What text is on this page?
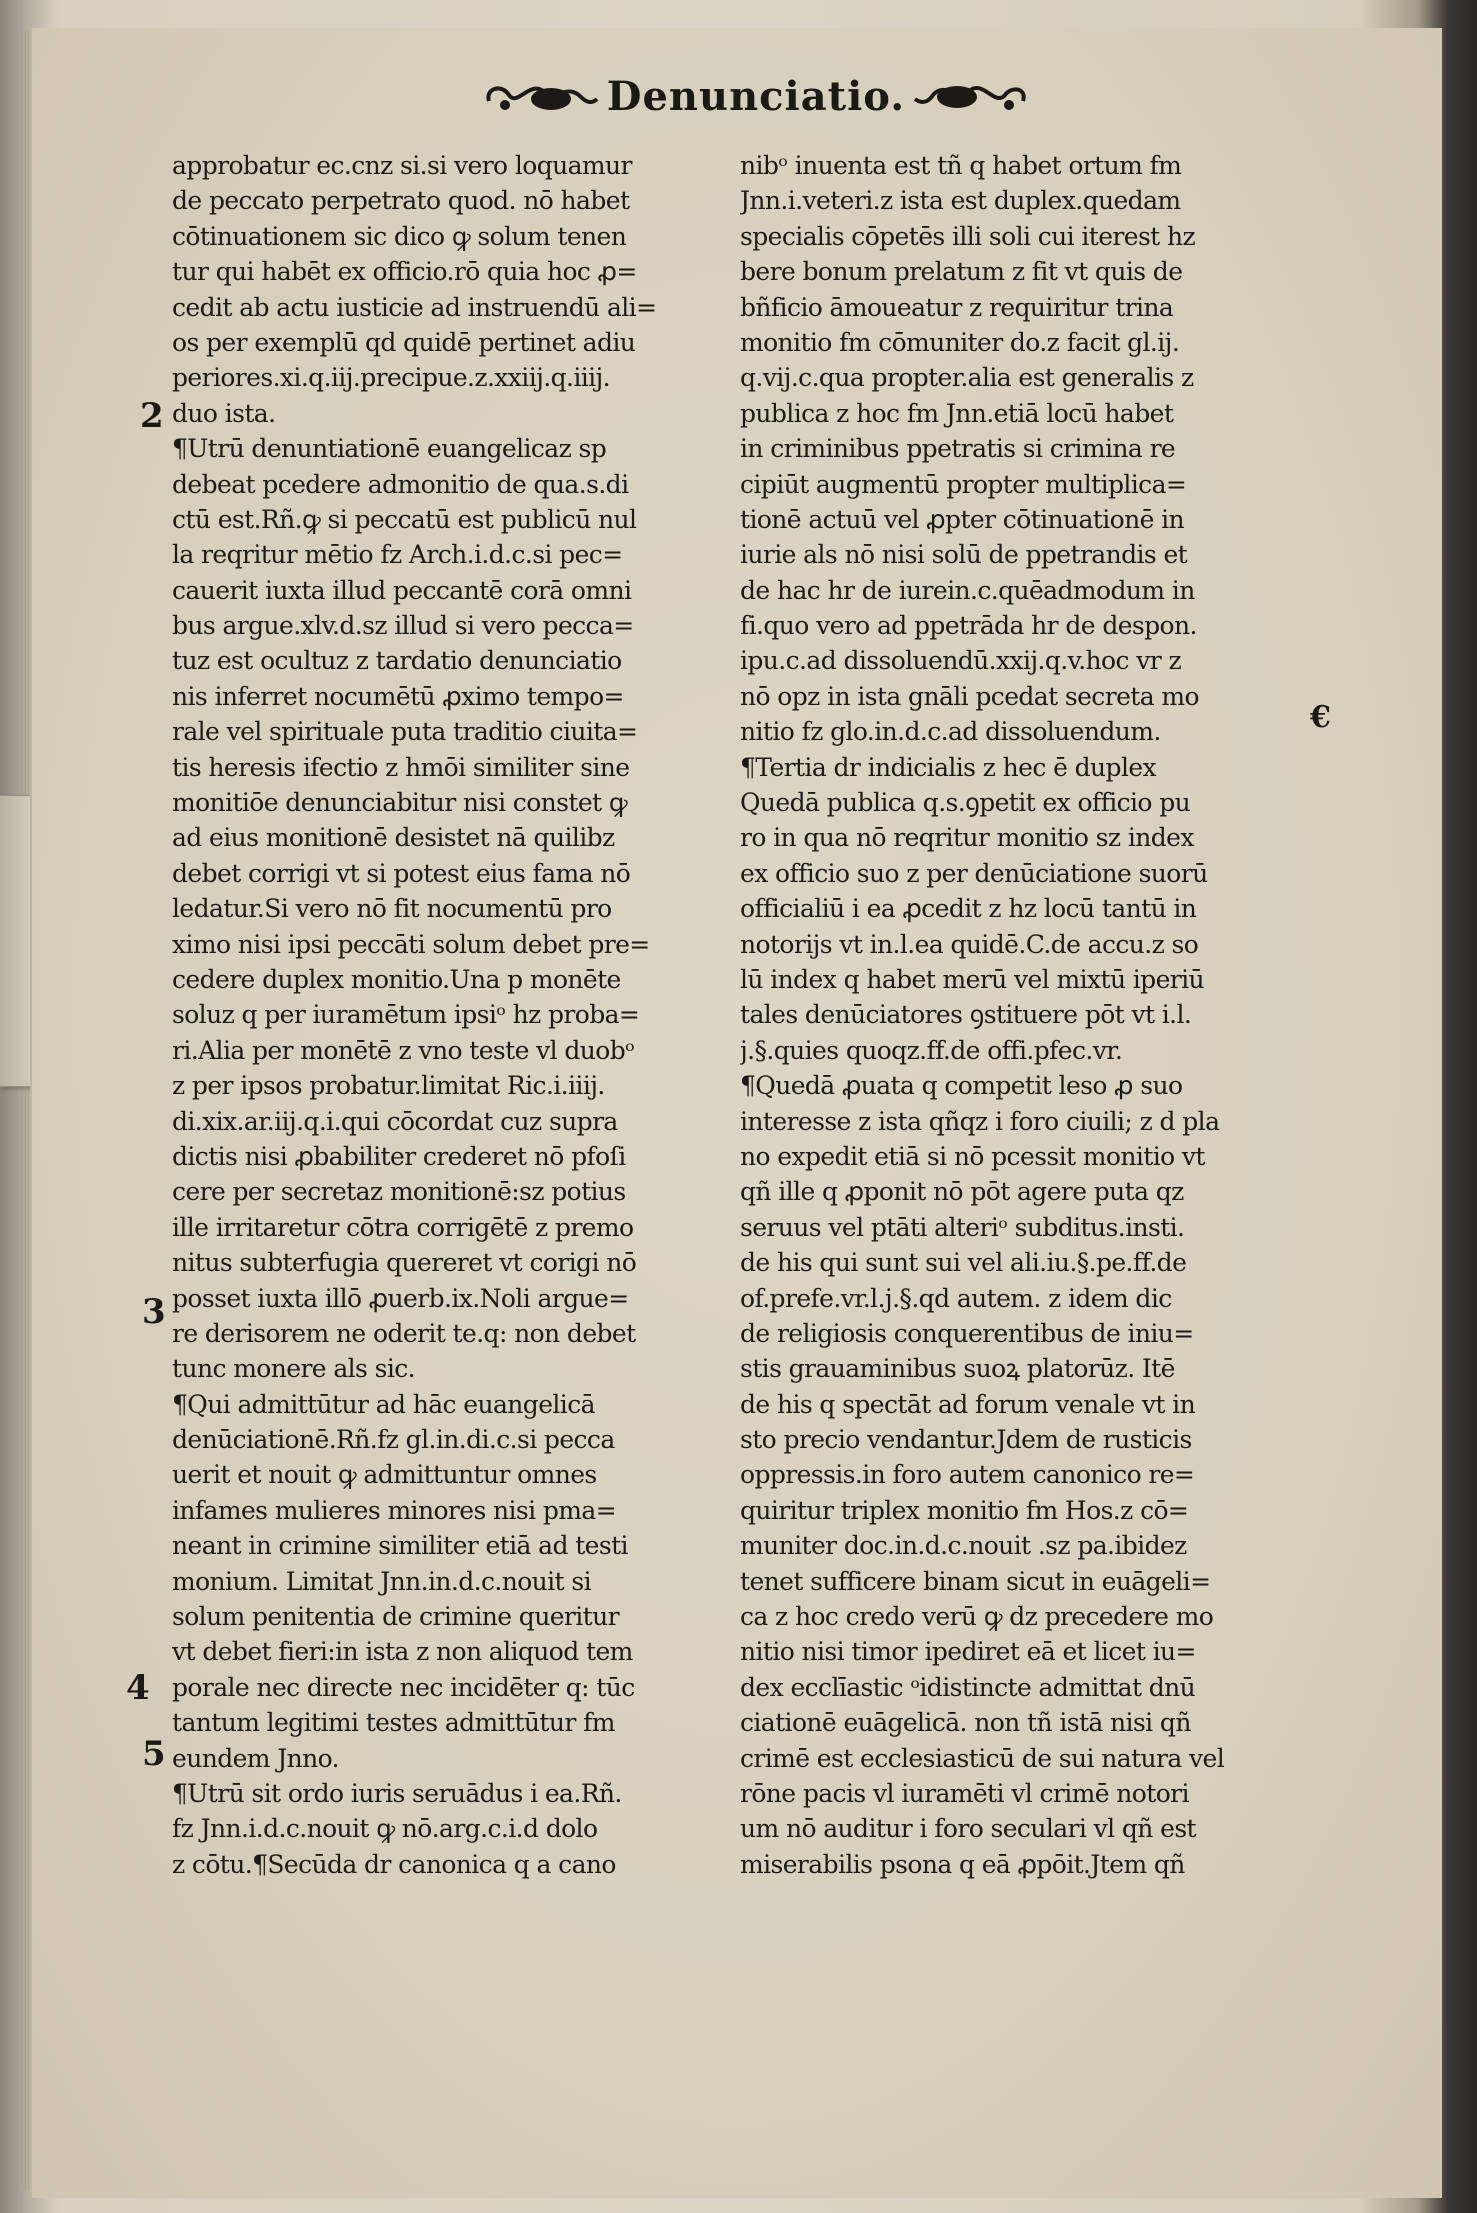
Denunciatio.
approbatur ec.cnz si.si vero loquamur
de peccato perpetrato quod. nō habet
cōtinuationem sic dico ꝙ solum tenen
tur qui habēt ex officio.rō quia hoc ꝓ=
cedit ab actu iusticie ad instruendū ali=
os per exemplū qd quidē pertinet adiu
periores.xi.q.iij.precipue.z.xxiij.q.iiij.
duo ista.
¶Utrū denuntiationē euangelicaz sp
debeat pcedere admonitio de qua.s.di
ctū est.Rñ.ꝙ si peccatū est publicū nul
la reqritur mētio fz Arch.i.d.c.si pec=
cauerit iuxta illud peccantē corā omni
bus argue.xlv.d.sz illud si vero pecca=
tuz est ocultuz z tardatio denunciatio
nis inferret nocumētū ꝓximo tempo=
rale vel spirituale puta traditio ciuita=
tis heresis ifectio z hmōi similiter sine
monitiōe denunciabitur nisi constet ꝙ
ad eius monitionē desistet nā quilibz
debet corrigi vt si potest eius fama nō
ledatur.Si vero nō fit nocumentū pro
ximo nisi ipsi peccāti solum debet pre=
cedere duplex monitio.Una p monēte
soluz q per iuramētum ipsiᵒ hz proba=
ri.Alia per monētē z vno teste vl duobᵒ
z per ipsos probatur.limitat Ric.i.iiij.
di.xix.ar.iij.q.i.qui cōcordat cuz supra
dictis nisi ꝓbabiliter crederet nō pfoſi
cere per secretaz monitionē:sz potius
ille irritaretur cōtra corrigētē z premo
nitus subterfugia quereret vt corigi nō
posset iuxta illō ꝓuerb.ix.Noli argue=
re derisorem ne oderit te.q: non debet
tunc monere als sic.
¶Qui admittūtur ad hāc euangelicā
denūciationē.Rñ.fz gl.in.di.c.si pecca
uerit et nouit ꝙ admittuntur omnes
infames mulieres minores nisi pma=
neant in crimine similiter etiā ad testi
monium. Limitat Jnn.in.d.c.nouit si
solum penitentia de crimine queritur
vt debet fieri:in ista z non aliquod tem
porale nec directe nec incidēter q: tūc
tantum legitimi testes admittūtur fm
eundem Jnno.
¶Utrū sit ordo iuris seruādus i ea.Rñ.
fz Jnn.i.d.c.nouit ꝙ nō.arg.c.i.d dolo
z cōtu.¶Secūda dr canonica q a cano
nibᵒ inuenta est tñ q habet ortum fm
Jnn.i.veteri.z ista est duplex.quedam
specialis cōpetēs illi soli cui iterest hz
bere bonum prelatum z fit vt quis de
bñficio āmoueatur z requiritur trina
monitio fm cōmuniter do.z facit gl.ij.
q.vij.c.qua propter.alia est generalis z
publica z hoc fm Jnn.etiā locū habet
in criminibus ppetratis si crimina re
cipiūt augmentū propter multiplica=
tionē actuū vel ꝓpter cōtinuationē in
iurie als nō nisi solū de ppetrandis et
de hac hr de iurein.c.quēadmodum in
fi.quo vero ad ppetrāda hr de despon.
ipu.c.ad dissoluendū.xxij.q.v.hoc vr z
nō opz in ista gnāli pcedat secreta mo
nitio fz glo.in.d.c.ad dissoluendum.
¶Tertia dr indicialis z hec ē duplex
Quedā publica q.s.ꝯpetit ex officio pu
ro in qua nō reqritur monitio sz index
ex officio suo z per denūciatione suorū
officialiū i ea ꝓcedit z hz locū tantū in
notorijs vt in.l.ea quidē.C.de accu.z so
lū index q habet merū vel mixtū iperiū
tales denūciatores ꝯstituere pōt vt i.l.
j.§.quies quoqz.ff.de offi.pfec.vr.
¶Quedā ꝓuata q competit leso ꝓ suo
interesse z ista qñqz i foro ciuili; z d pla
no expedit etiā si nō pcessit monitio vt
qñ ille q ꝓponit nō pōt agere puta qz
seruus vel ptāti alteriᵒ subditus.insti.
de his qui sunt sui vel ali.iu.§.pe.ff.de
of.prefe.vr.l.j.§.qd autem. z idem dic
de religiosis conquerentibus de iniu=
stis grauaminibus suoꝝ platorūz. Itē
de his q spectāt ad forum venale vt in
sto precio vendantur.Jdem de rusticis
oppressis.in foro autem canonico re=
quiritur triplex monitio fm Hos.z cō=
muniter doc.in.d.c.nouit .sz pa.ibidez
tenet sufficere binam sicut in euāgeli=
ca z hoc credo verū ꝙ dz precedere mo
nitio nisi timor ipediret eā et licet iu=
dex ecclīastic ᵒidistincte admittat dnū
ciationē euāgelicā. non tñ istā nisi qñ
crimē est ecclesiasticū de sui natura vel
rōne pacis vl iuramēti vl crimē notori
um nō auditur i foro seculari vl qñ est
miserabilis psona q eā ꝓpōit.Jtem qñ
2
3
4
5
€
